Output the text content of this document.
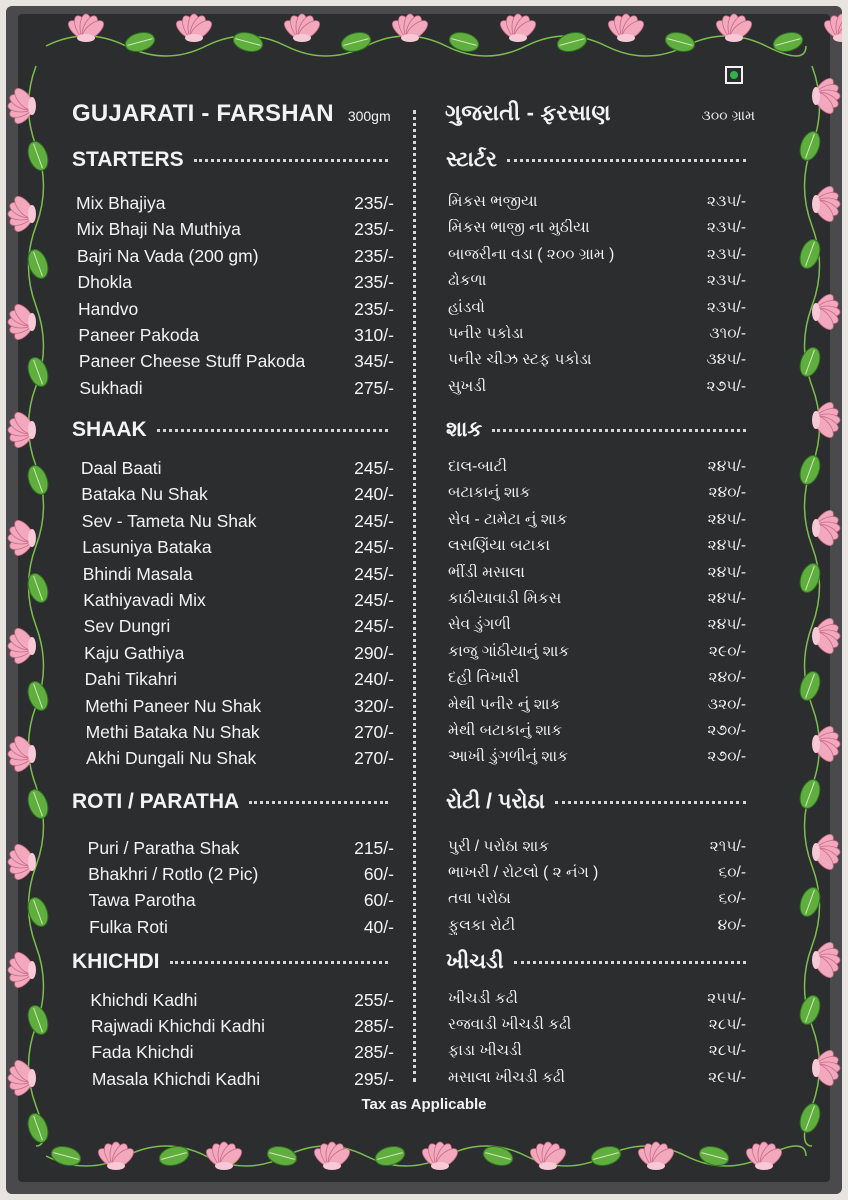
GUJARATI - FARSHAN 300gm ગુજરાતી - ફરસાણ	૩૦૦ ગ્રામ
STARTERS
Mix Bhajiya	235/-
Mix Bhaji Na Muthiya	235/-
Bajri Na Vada (200 gm)	235/-
Dhokla	235/-
Handvo	235/-
Paneer Pakoda	310/-
Paneer Cheese Stuff Pakoda	345/-
Sukhadi	275/-
SHAAK
Daal Baati	245/-
Bataka Nu Shak	240/-
Sev - Tameta Nu Shak	245/-
Lasuniya Bataka	245/-
Bhindi Masala	245/-
Kathiyavadi Mix	245/-
Sev Dungri	245/-
Kaju Gathiya	290/-
Dahi Tikahri	240/-
Methi Paneer Nu Shak	320/-
Methi Bataka Nu Shak	270/-
Akhi Dungali Nu Shak	270/-
ROTI / PARATHA
Puri / Paratha Shak	215/-
Bhakhri / Rotlo (2 Pic)	60/-
Tawa Parotha	60/-
Fulka Roti	40/-
KHICHDI
Khichdi Kadhi	255/-
Rajwadi Khichdi Kadhi	285/-
Fada Khichdi	285/-
Masala Khichdi Kadhi	295/-
સ્ટાર્ટર
મિકસ ભજીયા	૨૩૫/-
મિકસ ભાજી ના મુઠીયા	૨૩૫/-
બાજરીના વડા ( ૨૦૦ ગ્રામ )	૨૩૫/-
ઢોકળા	૨૩૫/-
હાંડવો	૨૩૫/-
પનીર પકોડા	૩૧૦/-
પનીર ચીઝ સ્ટફ પકોડા	૩૪૫/-
સુખડી	૨૭૫/-
શાક
દાલ-બાટી	૨૪૫/-
બટાકાનું શાક	૨૪૦/-
સેવ - ટામેટા નું શાક	૨૪૫/-
લસણિંયા બટાકા	૨૪૫/-
ભીંડી મસાલા	૨૪૫/-
કાઠીયાવાડી મિકસ	૨૪૫/-
સેવ ડુંગળી	૨૪૫/-
કાજુ ગાંઠીયાનું શાક	૨૯૦/-
દહી તિખારી	૨૪૦/-
મેથી પનીર નું શાક	૩૨૦/-
મેથી બટાકાનું શાક	૨૭૦/-
આખી ડુંગળીનું શાક	૨૭૦/-
રોટી / પરોઠા
પુરી / પરોઠા શાક	૨૧૫/-
ભાખરી / રોટલો ( ૨ નંગ )	૬૦/-
તવા પરોઠા	૬૦/-
ફુલકા રોટી	૪૦/-
ખીચડી
ખીચડી કઢી	૨૫૫/-
રજવાડી ખીચડી કઢી	૨૮૫/-
ફાડા ખીચડી	૨૮૫/-
મસાલા ખીચડી કઢી	૨૯૫/-
Tax as Applicable
